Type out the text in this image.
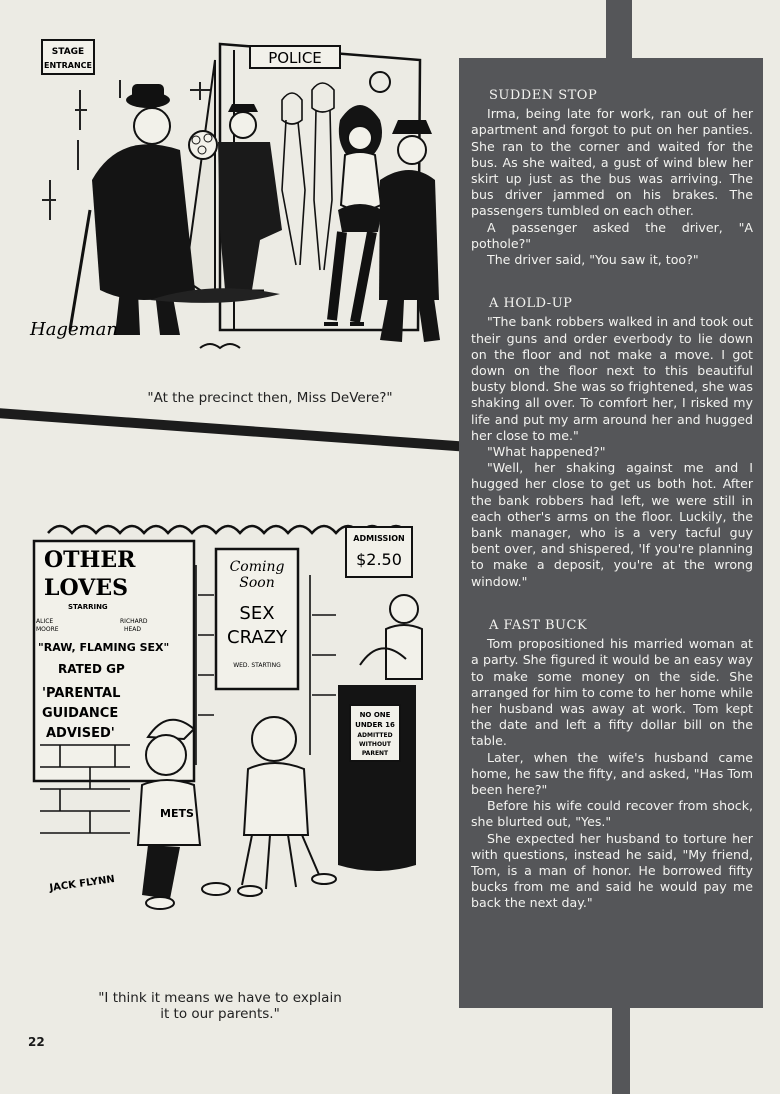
STAGE
ENTRANCE	POLICE
Hageman
"At the precinct then, Miss DeVere?"
OTHER
LOVES
STARRING
ALICE
MOORE
RICHARD
HEAD
"RAW, FLAMING SEX"
RATED GP
'PARENTAL
GUIDANCE
ADVISED'
Coming
Soon
SEX
CRAZY
WED. STARTING
ADMISSION
$2.50
NO ONE
UNDER 16
ADMITTED
WITHOUT
PARENT
METS
JACK FLYNN
"I think it means we have to explain
it to our parents."
SUDDEN STOP

Irma, being late for work, ran out of her apartment and forgot to put on her panties. She ran to the corner and waited for the bus. As she waited, a gust of wind blew her skirt up just as the bus was arriving. The bus driver jammed on his brakes. The passengers tumbled on each other.

A passenger asked the driver, "A pothole?"

The driver said, "You saw it, too?"

A HOLD-UP

"The bank robbers walked in and took out their guns and order everbody to lie down on the floor and not make a move. I got down on the floor next to this beautiful busty blond. She was so frightened, she was shaking all over. To comfort her, I risked my life and put my arm around her and hugged her close to me."

"What happened?"

"Well, her shaking against me and I hugged her close to get us both hot. After the bank robbers had left, we were still in each other's arms on the floor. Luckily, the bank manager, who is a very tacful guy bent over, and shispered, 'If you're planning to make a deposit, you're at the wrong window."

A FAST BUCK

Tom propositioned his married woman at a party. She figured it would be an easy way to make some money on the side. She arranged for him to come to her home while her husband was away at work. Tom kept the date and left a fifty dollar bill on the table.

Later, when the wife's husband came home, he saw the fifty, and asked, "Has Tom been here?"

Before his wife could recover from shock, she blurted out, "Yes."

She expected her husband to torture her with questions, instead he said, "My friend, Tom, is a man of honor. He borrowed fifty bucks from me and said he would pay me back the next day."

22
